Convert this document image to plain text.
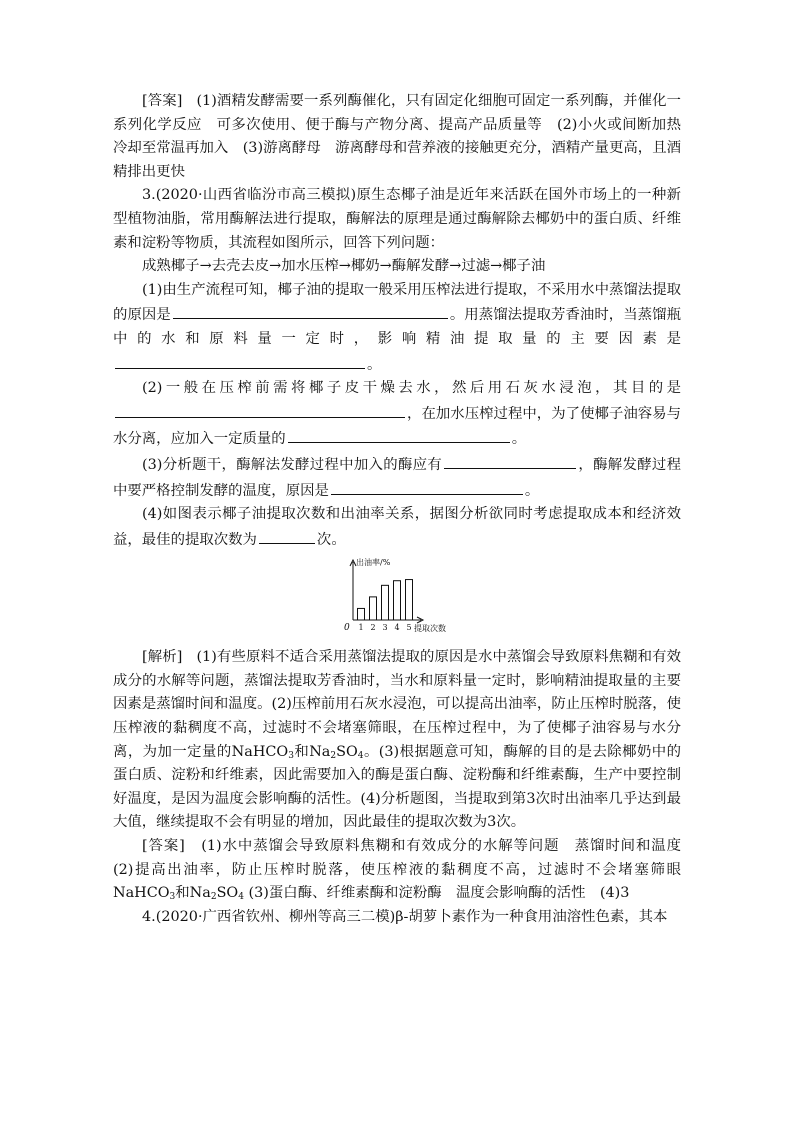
[答案] (1)酒精发酵需要一系列酶催化，只有固定化细胞可固定一系列酶，并催化一系列化学反应　可多次使用、便于酶与产物分离、提高产品质量等　(2)小火或间断加热　冷却至常温再加入　(3)游离酵母　游离酵母和营养液的接触更充分，酒精产量更高，且酒精排出更快

3.(2020·山西省临汾市高三模拟)原生态椰子油是近年来活跃在国外市场上的一种新型植物油脂，常用酶解法进行提取，酶解法的原理是通过酶解除去椰奶中的蛋白质、纤维素和淀粉等物质，其流程如图所示，回答下列问题：

成熟椰子→去壳去皮→加水压榨→椰奶→酶解发酵→过滤→椰子油

(1)由生产流程可知，椰子油的提取一般采用压榨法进行提取，不采用水中蒸馏法提取的原因是	。用蒸馏法提取芳香油时，当蒸馏瓶中的水和原料量一定时，影响精油提取量的主要因素是。

(2)一般在压榨前需将椰子皮干燥去水，然后用石灰水浸泡，其目的是，在加水压榨过程中，为了使椰子油容易与水分离，应加入一定质量的	。

(3)分析题干，酶解法发酵过程中加入的酶应有	，酶解发酵过程中要严格控制发酵的温度，原因是	。

(4)如图表示椰子油提取次数和出油率关系，据图分析欲同时考虑提取成本和经济效益，最佳的提取次数为	次。

出油率/%
0 1 2 3 4 5 提取次数

[解析] (1)有些原料不适合采用蒸馏法提取的原因是水中蒸馏会导致原料焦糊和有效成分的水解等问题，蒸馏法提取芳香油时，当水和原料量一定时，影响精油提取量的主要因素是蒸馏时间和温度。(2)压榨前用石灰水浸泡，可以提高出油率，防止压榨时脱落，使压榨液的黏稠度不高，过滤时不会堵塞筛眼，在压榨过程中，为了使椰子油容易与水分离，为加一定量的NaHCO$_3$和$Na_2SO_4$。(3)根据题意可知，酶解的目的是去除椰奶中的蛋白质、淀粉和纤维素，因此需要加入的酶是蛋白酶、淀粉酶和纤维素酶，生产中要控制好温度，是因为温度会影响酶的活性。(4)分析题图，当提取到第3次时出油率几乎达到最大值，继续提取不会有明显的增加，因此最佳的提取次数为3次。

[答案] (1)水中蒸馏会导致原料焦糊和有效成分的水解等问题　蒸馏时间和温度　(2)提高出油率，防止压榨时脱落，使压榨液的黏稠度不高，过滤时不会堵塞筛眼　NaHCO$_3$和$Na_2SO_4$ (3)蛋白酶、纤维素酶和淀粉酶　温度会影响酶的活性　(4)3

4.(2020·广西省钦州、柳州等高三二模)β-胡萝卜素作为一种食用油溶性色素，其本
